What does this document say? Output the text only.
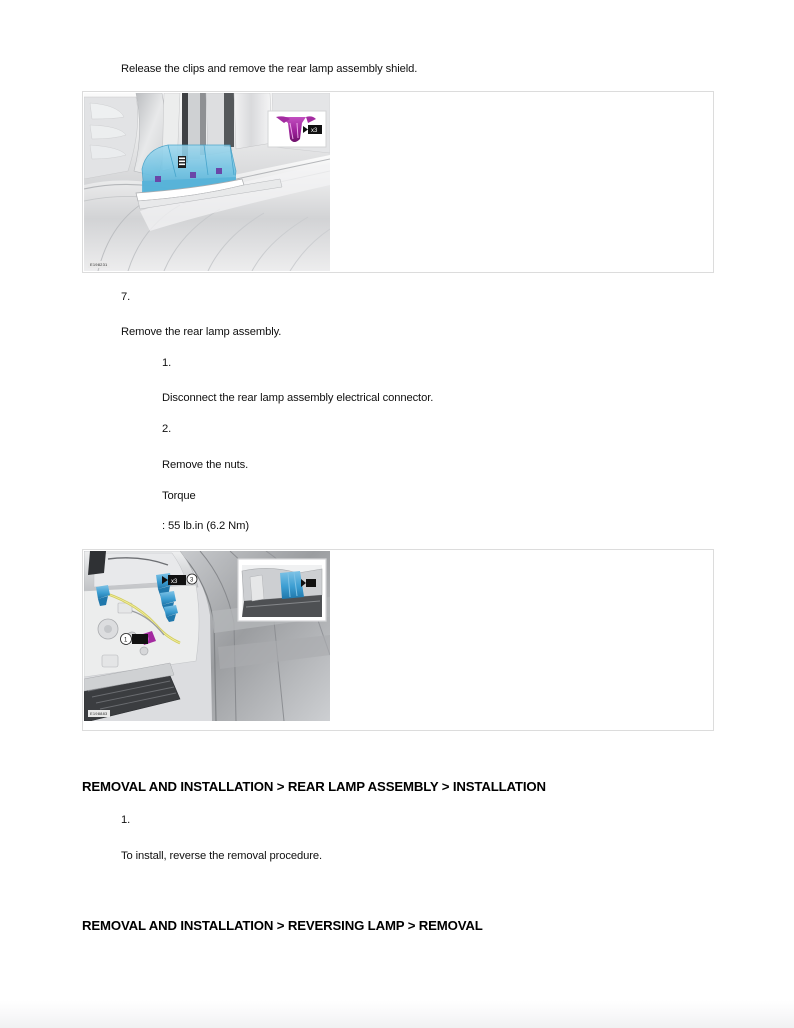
Release the clips and remove the rear lamp assembly shield.
x3
E198231
7.
Remove the rear lamp assembly.
1.
Disconnect the rear lamp assembly electrical connector.
2.
Remove the nuts.
Torque
: 55 lb.in (6.2 Nm)
x3 3
1
E198883
REMOVAL AND INSTALLATION > REAR LAMP ASSEMBLY > INSTALLATION
1.
To install, reverse the removal procedure.
REMOVAL AND INSTALLATION > REVERSING LAMP > REMOVAL
